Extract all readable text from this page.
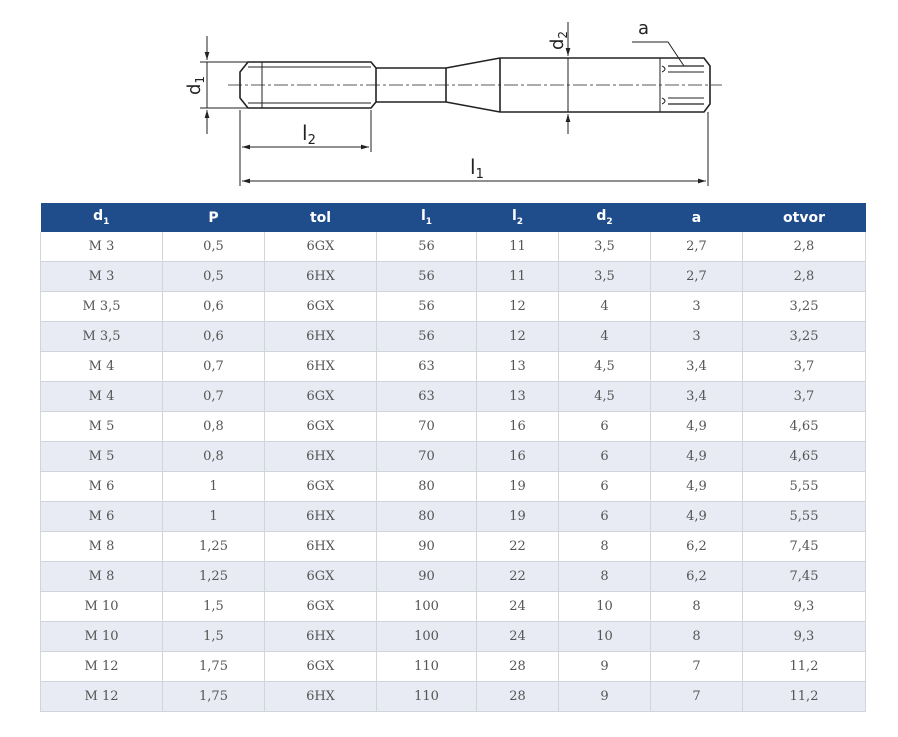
$d_1$
$d_2$	a
$l_2$
$l_1$
$d_1$	P	tol	$l_1$	$l_2$	$d_2$	a	otvor
M 3	0,5	6GX	56	11	3,5	2,7	2,8
M 3	0,5	6HX	56	11	3,5	2,7	2,8
M 3,5	0,6	6GX	56	12	4	3	3,25
M 3,5	0,6	6HX	56	12	4	3	3,25
M 4	0,7	6HX	63	13	4,5	3,4	3,7
M 4	0,7	6GX	63	13	4,5	3,4	3,7
M 5	0,8	6GX	70	16	6	4,9	4,65
M 5	0,8	6HX	70	16	6	4,9	4,65
M 6	1	6GX	80	19	6	4,9	5,55
M 6	1	6HX	80	19	6	4,9	5,55
M 8	1,25	6HX	90	22	8	6,2	7,45
M 8	1,25	6GX	90	22	8	6,2	7,45
M 10	1,5	6GX	100	24	10	8	9,3
M 10	1,5	6HX	100	24	10	8	9,3
M 12	1,75	6GX	110	28	9	7	11,2
M 12	1,75	6HX	110	28	9	7	11,2
